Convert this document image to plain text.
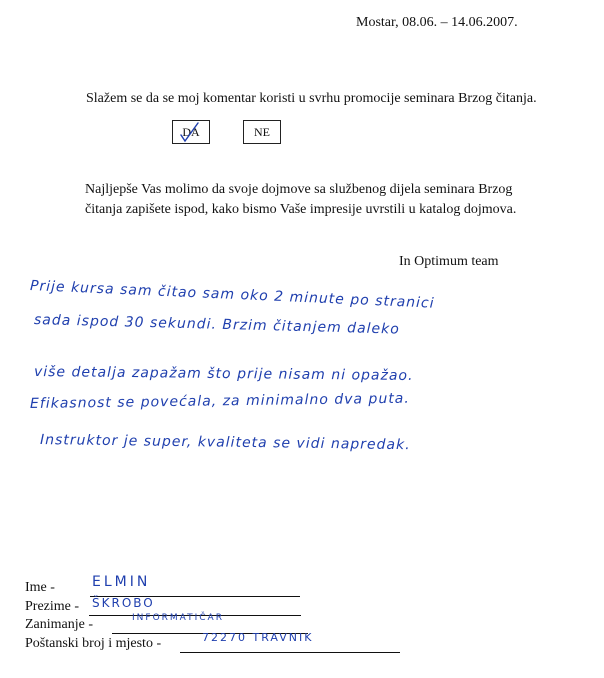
Mostar, 08.06. – 14.06.2007.
Slažem se da se moj komentar koristi u svrhu promocije seminara Brzog čitanja.
DA	NE
Najljepše Vas molimo da svoje dojmove sa službenog dijela seminara Brzog čitanja zapišete ispod, kako bismo Vaše impresije uvrstili u katalog dojmova.
In Optimum team
Prije kursa sam čitao sam oko 2 minute po stranici
sada ispod 30 sekundi. Brzim čitanjem daleko
više detalja zapažam što prije nisam ni opažao.
Efikasnost se povećala, za minimalno dva puta.
Instruktor je super, kvaliteta se vidi napredak.
Ime -	ELMIN
Prezime - ŠKROBO
Zanimanje -	INFORMATIČAR
Poštanski broj i mjesto -	72270 TRAVNIK
